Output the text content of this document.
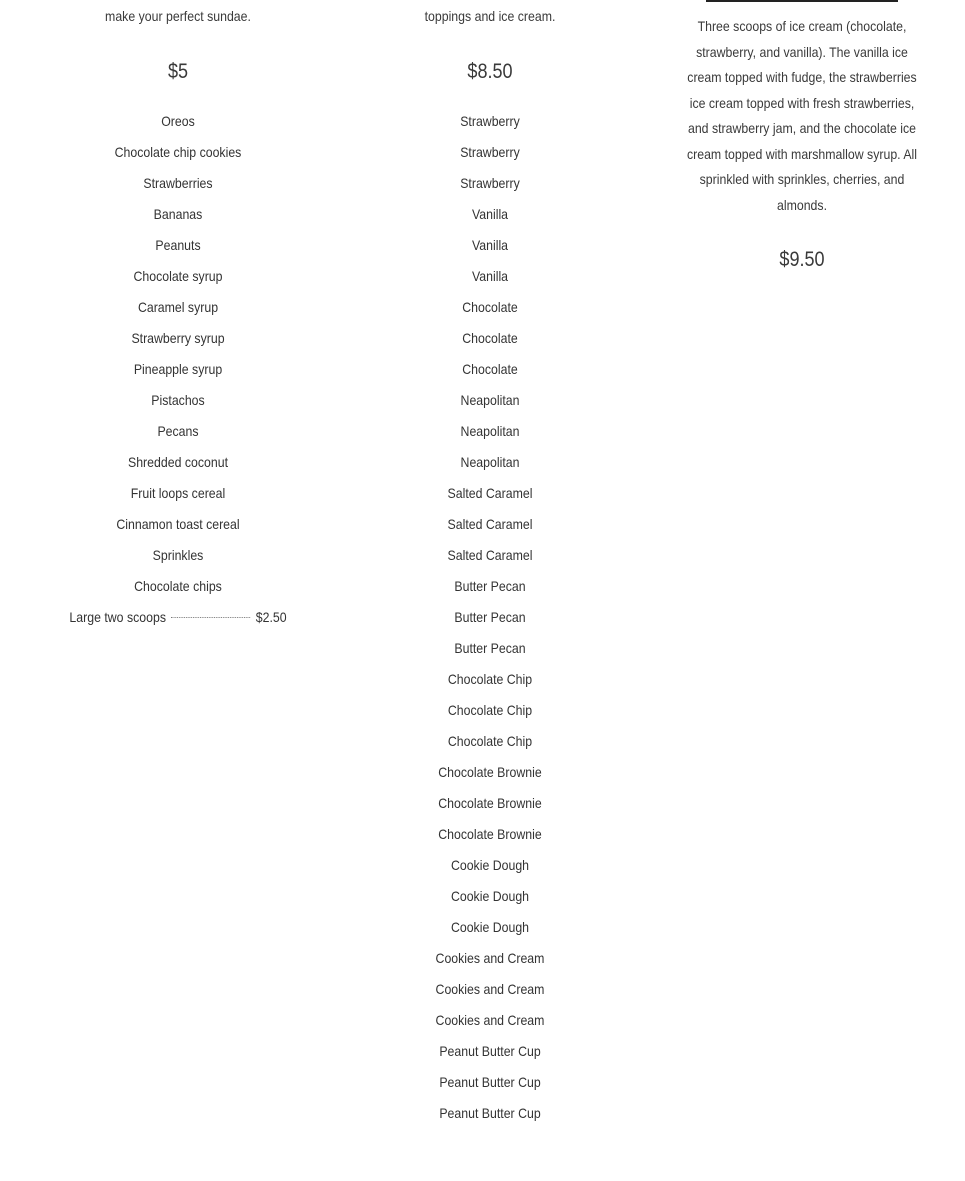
make your perfect sundae.

$5
Oreos
Chocolate chip cookies
Strawberries
Bananas
Peanuts
Chocolate syrup
Caramel syrup
Strawberry syrup
Pineapple syrup
Pistachos
Pecans
Shredded coconut
Fruit loops cereal
Cinnamon toast cereal
Sprinkles
Chocolate chips
Large two scoops	$2.50

toppings and ice cream.

$8.50
Strawberry
Strawberry
Strawberry
Vanilla
Vanilla
Vanilla
Chocolate
Chocolate
Chocolate
Neapolitan
Neapolitan
Neapolitan
Salted Caramel
Salted Caramel
Salted Caramel
Butter Pecan
Butter Pecan
Butter Pecan
Chocolate Chip
Chocolate Chip
Chocolate Chip
Chocolate Brownie
Chocolate Brownie
Chocolate Brownie
Cookie Dough
Cookie Dough
Cookie Dough
Cookies and Cream
Cookies and Cream
Cookies and Cream
Peanut Butter Cup
Peanut Butter Cup
Peanut Butter Cup

Three scoops of ice cream (chocolate, strawberry, and vanilla). The vanilla ice cream topped with fudge, the strawberries ice cream topped with fresh strawberries, and strawberry jam, and the chocolate ice cream topped with marshmallow syrup. All sprinkled with sprinkles, cherries, and almonds.

$9.50
